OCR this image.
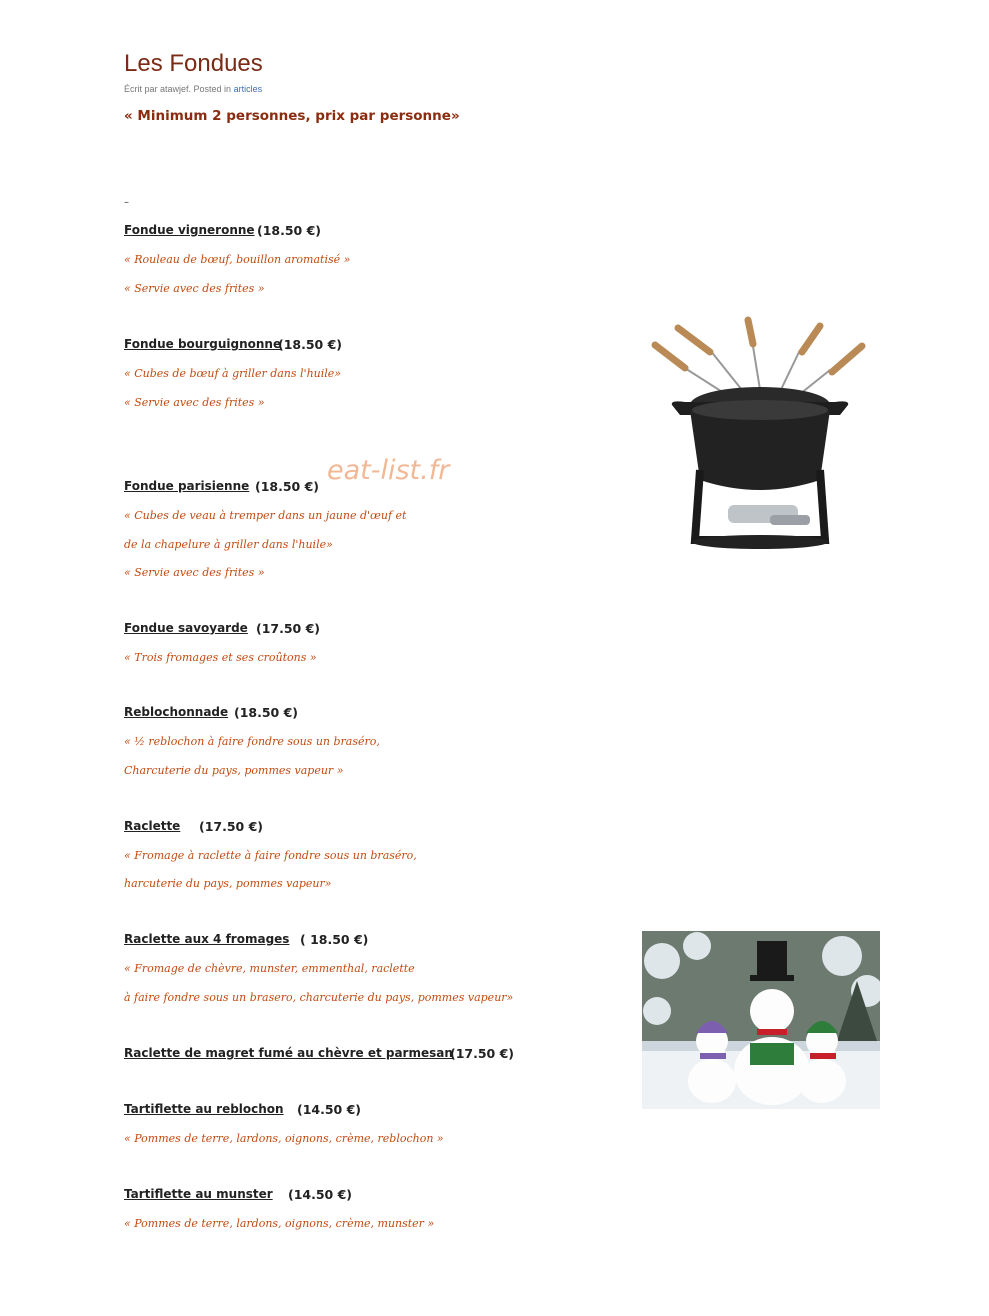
Les Fondues
Écrit par atawjef. Posted in articles
« Minimum 2 personnes, prix par personne»
–
Fondue vigneronne (18.50 €)
« Rouleau de bœuf, bouillon aromatisé »
« Servie avec des frites »
Fondue bourguignonne
(18.50 €)
« Cubes de bœuf à griller dans l'huile»
« Servie avec des frites »
Fondue parisienne (18.50 €)
« Cubes de veau à tremper dans un jaune d'œuf et
de la chapelure à griller dans l'huile»
« Servie avec des frites »
Fondue savoyarde (17.50 €)
« Trois fromages et ses croûtons »
Reblochonnade (18.50 €)
« ½ reblochon à faire fondre sous un braséro,
Charcuterie du pays, pommes vapeur »
Raclette (17.50 €)
« Fromage à raclette à faire fondre sous un braséro,
harcuterie du pays, pommes vapeur»
Raclette aux 4 fromages ( 18.50 €)
« Fromage de chèvre, munster, emmenthal, raclette
à faire fondre sous un brasero, charcuterie du pays, pommes vapeur»
Raclette de magret fumé au chèvre et parmesan
(17.50 €)
Tartiflette au reblochon (14.50 €)
« Pommes de terre, lardons, oignons, crème, reblochon »
Tartiflette au munster (14.50 €)
« Pommes de terre, lardons, oignons, crème, munster »
eat-list.fr
